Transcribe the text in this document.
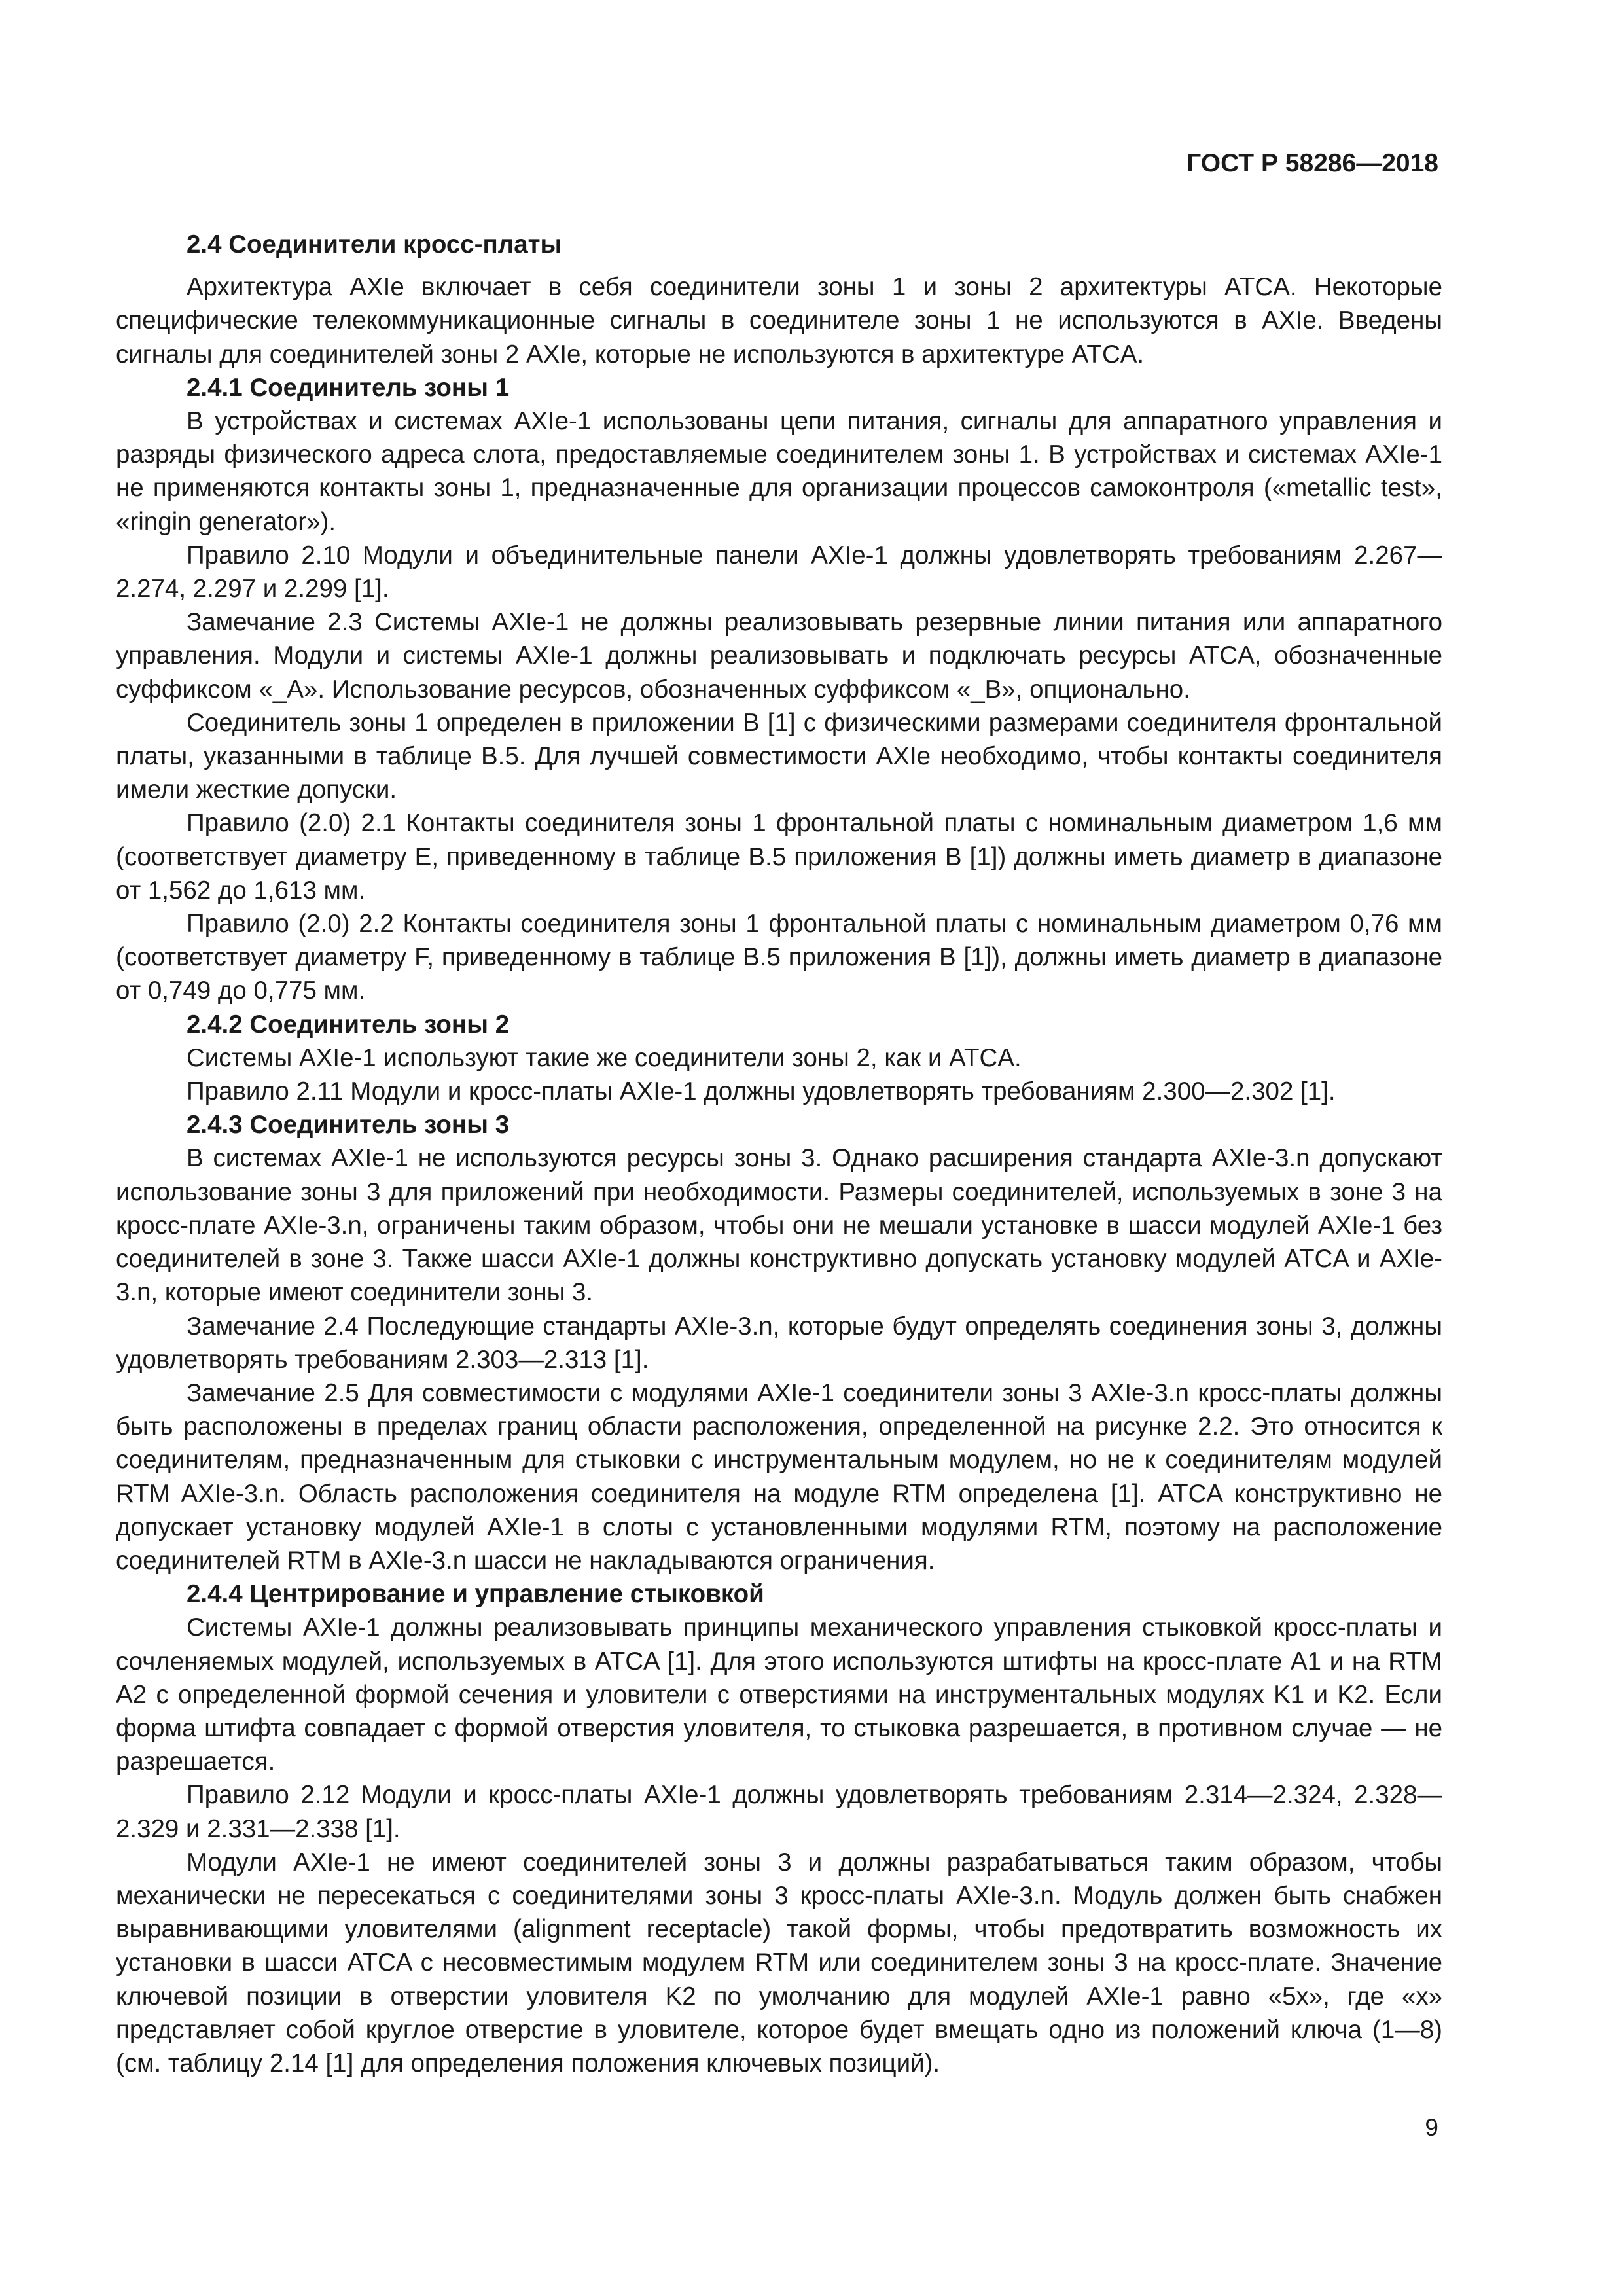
ГОСТ Р 58286—2018
2.4 Соединители кросс-платы

Архитектура AXIe включает в себя соединители зоны 1 и зоны 2 архитектуры ATCA. Некоторые специфические телекоммуникационные сигналы в соединителе зоны 1 не используются в AXIe. Введены сигналы для соединителей зоны 2 AXIe, которые не используются в архитектуре ATCA.

2.4.1 Соединитель зоны 1

В устройствах и системах AXIe-1 использованы цепи питания, сигналы для аппаратного управления и разряды физического адреса слота, предоставляемые соединителем зоны 1. В устройствах и системах AXIe-1 не применяются контакты зоны 1, предназначенные для организации процессов самоконтроля («metallic test», «ringin generator»).

Правило 2.10 Модули и объединительные панели AXIe-1 должны удовлетворять требованиям 2.267—2.274, 2.297 и 2.299 [1].

Замечание 2.3 Системы AXIe-1 не должны реализовывать резервные линии питания или аппаратного управления. Модули и системы AXIe-1 должны реализовывать и подключать ресурсы ATCA, обозначенные суффиксом «_A». Использование ресурсов, обозначенных суффиксом «_B», опционально.

Соединитель зоны 1 определен в приложении В [1] с физическими размерами соединителя фронтальной платы, указанными в таблице В.5. Для лучшей совместимости AXIe необходимо, чтобы контакты соединителя имели жесткие допуски.

Правило (2.0) 2.1 Контакты соединителя зоны 1 фронтальной платы с номинальным диаметром 1,6 мм (соответствует диаметру E, приведенному в таблице В.5 приложения В [1]) должны иметь диаметр в диапазоне от 1,562 до 1,613 мм.

Правило (2.0) 2.2 Контакты соединителя зоны 1 фронтальной платы с номинальным диаметром 0,76 мм (соответствует диаметру F, приведенному в таблице В.5 приложения В [1]), должны иметь диаметр в диапазоне от 0,749 до 0,775 мм.

2.4.2 Соединитель зоны 2

Системы AXIe-1 используют такие же соединители зоны 2, как и ATCA.

Правило 2.11 Модули и кросс-платы AXIe-1 должны удовлетворять требованиям 2.300—2.302 [1].

2.4.3 Соединитель зоны 3

В системах AXIe-1 не используются ресурсы зоны 3. Однако расширения стандарта AXIe-3.n допускают использование зоны 3 для приложений при необходимости. Размеры соединителей, используемых в зоне 3 на кросс-плате AXIe-3.n, ограничены таким образом, чтобы они не мешали установке в шасси модулей AXIe-1 без соединителей в зоне 3. Также шасси AXIe-1 должны конструктивно допускать установку модулей ATCA и AXIe-3.n, которые имеют соединители зоны 3.

Замечание 2.4 Последующие стандарты AXIe-3.n, которые будут определять соединения зоны 3, должны удовлетворять требованиям 2.303—2.313 [1].

Замечание 2.5 Для совместимости с модулями AXIe-1 соединители зоны 3 AXIe-3.n кросс-платы должны быть расположены в пределах границ области расположения, определенной на рисунке 2.2. Это относится к соединителям, предназначенным для стыковки с инструментальным модулем, но не к соединителям модулей RTM AXIe-3.n. Область расположения соединителя на модуле RTM определена [1]. ATCA конструктивно не допускает установку модулей AXIe-1 в слоты с установленными модулями RTM, поэтому на расположение соединителей RTM в AXIe-3.n шасси не накладываются ограничения.

2.4.4 Центрирование и управление стыковкой

Системы AXIe-1 должны реализовывать принципы механического управления стыковкой кросс-платы и сочленяемых модулей, используемых в ATCA [1]. Для этого используются штифты на кросс-плате A1 и на RTM A2 с определенной формой сечения и уловители с отверстиями на инструментальных модулях K1 и K2. Если форма штифта совпадает с формой отверстия уловителя, то стыковка разрешается, в противном случае — не разрешается.

Правило 2.12 Модули и кросс-платы AXIe-1 должны удовлетворять требованиям 2.314—2.324, 2.328—2.329 и 2.331—2.338 [1].

Модули AXIe-1 не имеют соединителей зоны 3 и должны разрабатываться таким образом, чтобы механически не пересекаться с соединителями зоны 3 кросс-платы AXIe-3.n. Модуль должен быть снабжен выравнивающими уловителями (alignment receptacle) такой формы, чтобы предотвратить возможность их установки в шасси ATCA с несовместимым модулем RTM или соединителем зоны 3 на кросс-плате. Значение ключевой позиции в отверстии уловителя K2 по умолчанию для модулей AXIe-1 равно «5x», где «x» представляет собой круглое отверстие в уловителе, которое будет вмещать одно из положений ключа (1—8) (см. таблицу 2.14 [1] для определения положения ключевых позиций).

9
